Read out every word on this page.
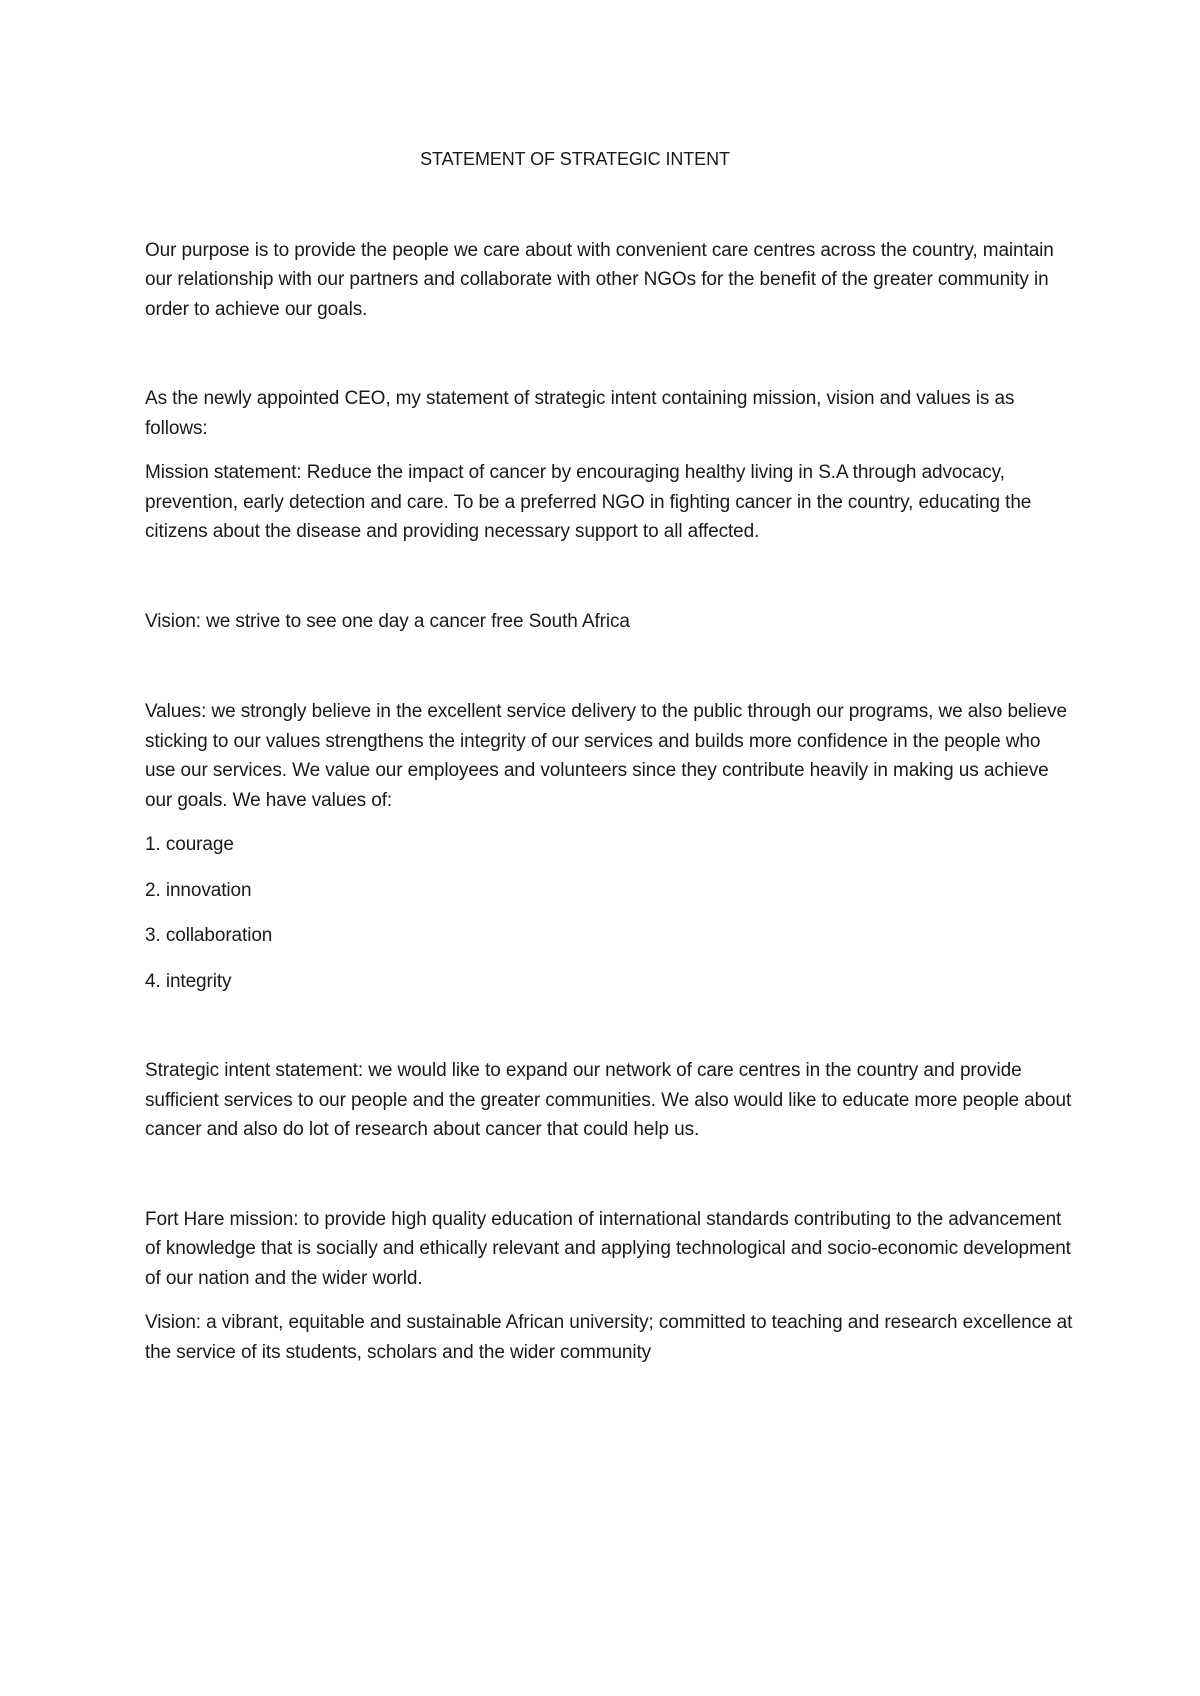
STATEMENT OF STRATEGIC INTENT

Our purpose is to provide the people we care about with convenient care centres across the country, maintain our relationship with our partners and collaborate with other NGOs for the benefit of the greater community in order to achieve our goals.

As the newly appointed CEO, my statement of strategic intent containing mission, vision and values is as follows:

Mission statement: Reduce the impact of cancer by encouraging healthy living in S.A through advocacy, prevention, early detection and care. To be a preferred NGO in fighting cancer in the country, educating the citizens about the disease and providing necessary support to all affected.

Vision: we strive to see one day a cancer free South Africa

Values: we strongly believe in the excellent service delivery to the public through our programs, we also believe sticking to our values strengthens the integrity of our services and builds more confidence in the people who use our services. We value our employees and volunteers since they contribute heavily in making us achieve our goals. We have values of:

1. courage

2. innovation

3. collaboration

4. integrity

Strategic intent statement: we would like to expand our network of care centres in the country and provide sufficient services to our people and the greater communities. We also would like to educate more people about cancer and also do lot of research about cancer that could help us.

Fort Hare mission: to provide high quality education of international standards contributing to the advancement of knowledge that is socially and ethically relevant and applying technological and socio-economic development of our nation and the wider world.

Vision: a vibrant, equitable and sustainable African university; committed to teaching and research excellence at the service of its students, scholars and the wider community
